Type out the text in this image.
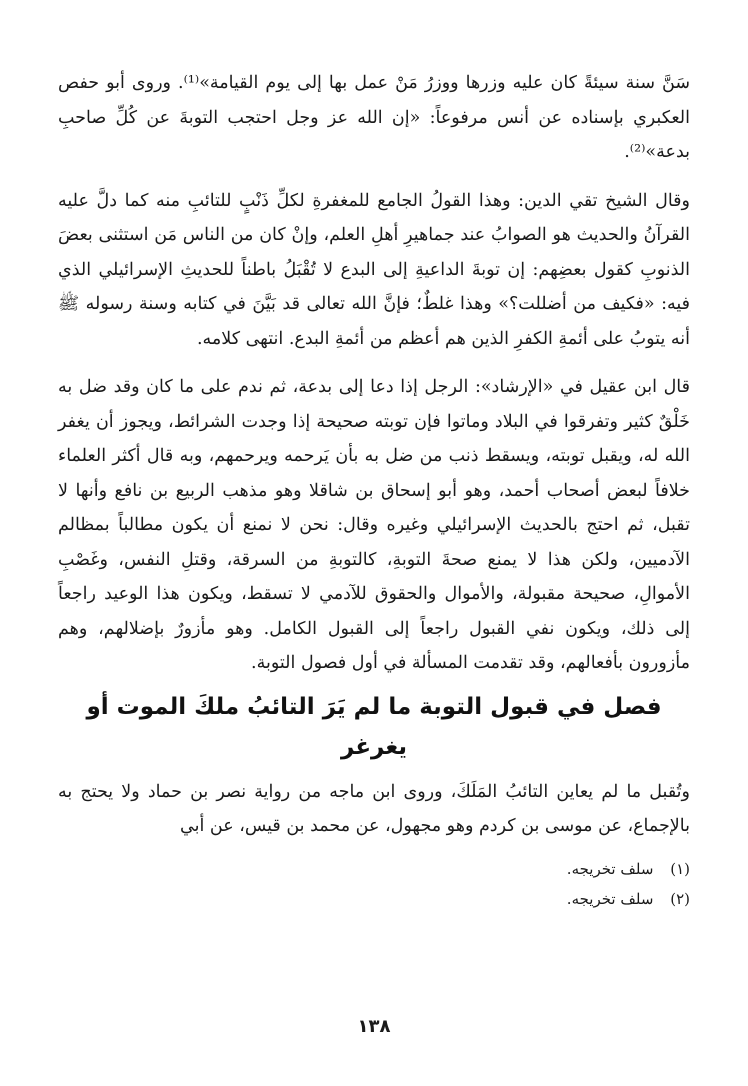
سَنَّ سنة سيئةً كان عليه وزرها ووزرُ مَنْ عمل بها إلى يوم القيامة»⁽¹⁾. وروى أبو حفص العكبري بإسناده عن أنس مرفوعاً: «إن الله عز وجل احتجب التوبةَ عن كُلِّ صاحبِ بدعة»⁽²⁾.

وقال الشيخ تقي الدين: وهذا القولُ الجامع للمغفرةِ لكلِّ ذَنْبٍ للتائبِ منه كما دلَّ عليه القرآنُ والحديث هو الصوابُ عند جماهيرِ أهلِ العلم، وإنْ كان من الناس مَن استثنى بعضَ الذنوبِ كقول بعضِهم: إن توبةَ الداعيةِ إلى البدع لا تُقْبَلُ باطناً للحديثِ الإسرائيلي الذي فيه: «فكيف من أضللت؟» وهذا غلطٌ؛ فإنَّ الله تعالى قد بَيَّنَ في كتابه وسنة رسوله ﷺ أنه يتوبُ على أئمةِ الكفرِ الذين هم أعظم من أئمةِ البدع. انتهى كلامه.

قال ابن عقيل في «الإرشاد»: الرجل إذا دعا إلى بدعة، ثم ندم على ما كان وقد ضل به خَلْقٌ كثير وتفرقوا في البلاد وماتوا فإن توبته صحيحة إذا وجدت الشرائط، ويجوز أن يغفر الله له، ويقبل توبته، ويسقط ذنب من ضل به بأن يَرحمه ويرحمهم، وبه قال أكثر العلماء خلافاً لبعض أصحاب أحمد، وهو أبو إسحاق بن شاقلا وهو مذهب الربيع بن نافع وأنها لا تقبل، ثم احتج بالحديث الإسرائيلي وغيره وقال: نحن لا نمنع أن يكون مطالباً بمظالم الآدميين، ولكن هذا لا يمنع صحةَ التوبةِ، كالتوبةِ من السرقة، وقتلِ النفس، وغَصْبِ الأموالِ، صحيحة مقبولة، والأموال والحقوق للآدمي لا تسقط، ويكون هذا الوعيد راجعاً إلى ذلك، ويكون نفي القبول راجعاً إلى القبول الكامل. وهو مأزورٌ بإضلالهم، وهم مأزورون بأفعالهم، وقد تقدمت المسألة في أول فصول التوبة.

فصل في قبول التوبة ما لم يَرَ التائبُ ملكَ الموت أو يغرغر

وتُقبل ما لم يعاين التائبُ المَلَكَ، وروى ابن ماجه من رواية نصر بن حماد ولا يحتج به بالإجماع، عن موسى بن كردم وهو مجهول، عن محمد بن قيس، عن أبي

(١) سلف تخريجه.

(٢) سلف تخريجه.

١٣٨
